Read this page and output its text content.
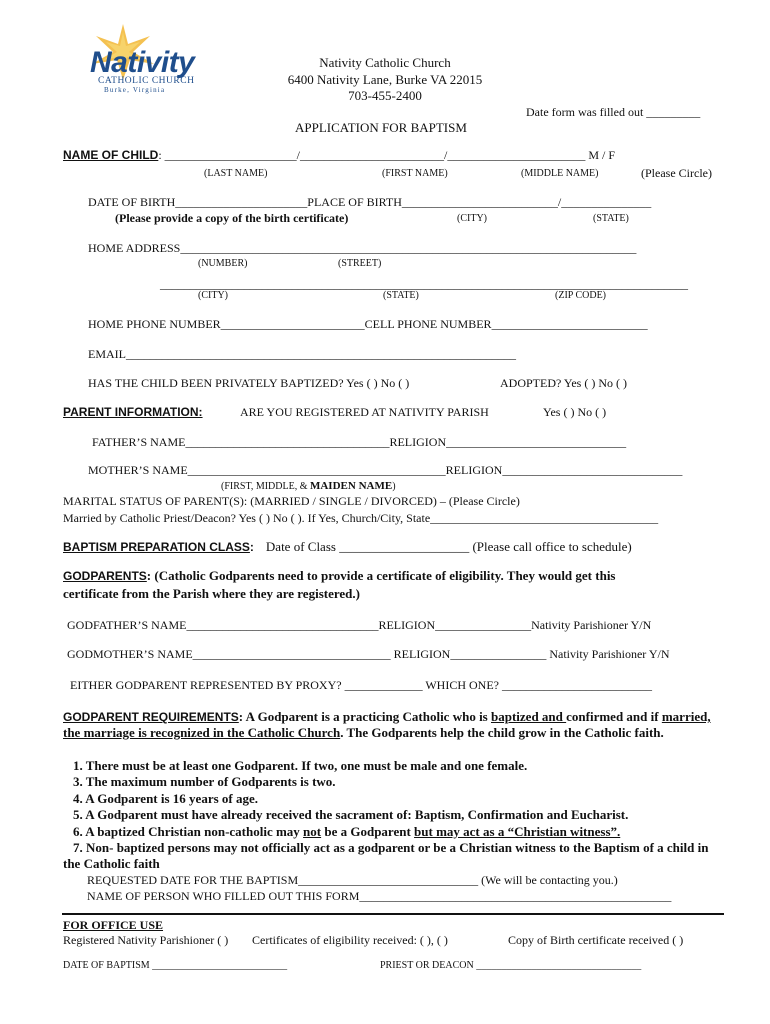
Nativity
CATHOLIC CHURCH
Burke, Virginia
Nativity Catholic Church
6400 Nativity Lane, Burke VA 22015
703-455-2400
Date form was filled out _________
APPLICATION FOR BAPTISM
NAME OF CHILD: ______________________/________________________/_______________________ M / F
(LAST NAME)	(FIRST NAME)	(MIDDLE NAME)	(Please Circle)
DATE OF BIRTH______________________PLACE OF BIRTH__________________________/_______________
(Please provide a copy of the birth certificate)	(CITY)	(STATE)
HOME ADDRESS____________________________________________________________________________
(NUMBER)	(STREET)
________________________________________________________________________________________
(CITY)	(STATE)	(ZIP CODE)
HOME PHONE NUMBER________________________CELL PHONE NUMBER__________________________
EMAIL_________________________________________________________________
HAS THE CHILD BEEN PRIVATELY BAPTIZED? Yes ( ) No ( )	ADOPTED? Yes ( ) No ( )
PARENT INFORMATION:	ARE YOU REGISTERED AT NATIVITY PARISH	Yes ( ) No ( )
FATHER’S NAME__________________________________RELIGION______________________________
MOTHER’S NAME___________________________________________RELIGION______________________________
(FIRST, MIDDLE, & MAIDEN NAME)
MARITAL STATUS OF PARENT(S): (MARRIED / SINGLE / DIVORCED) – (Please Circle)
Married by Catholic Priest/Deacon? Yes ( ) No ( ). If Yes, Church/City, State______________________________________
BAPTISM PREPARATION CLASS: Date of Class ____________________ (Please call office to schedule)
GODPARENTS: (Catholic Godparents need to provide a certificate of eligibility. They would get this
certificate from the Parish where they are registered.)
GODFATHER’S NAME________________________________RELIGION________________Nativity Parishioner Y/N
GODMOTHER’S NAME_________________________________ RELIGION________________ Nativity Parishioner Y/N
EITHER GODPARENT REPRESENTED BY PROXY? _____________ WHICH ONE? _________________________
GODPARENT REQUIREMENTS: A Godparent is a practicing Catholic who is baptized and confirmed and if married, the marriage is recognized in the Catholic Church. The Godparents help the child grow in the Catholic faith.
1. There must be at least one Godparent. If two, one must be male and one female.
3. The maximum number of Godparents is two.
4. A Godparent is 16 years of age.
5. A Godparent must have already received the sacrament of: Baptism, Confirmation and Eucharist.
6. A baptized Christian non-catholic may not be a Godparent but may act as a “Christian witness”.
7. Non- baptized persons may not officially act as a godparent or be a Christian witness to the Baptism of a child in the Catholic faith
REQUESTED DATE FOR THE BAPTISM______________________________ (We will be contacting you.)
NAME OF PERSON WHO FILLED OUT THIS FORM____________________________________________________
FOR OFFICE USE
Registered Nativity Parishioner ( ) Certificates of eligibility received: ( ), ( )	Copy of Birth certificate received ( )
DATE OF BAPTISM ___________________________	PRIEST OR DEACON _________________________________
